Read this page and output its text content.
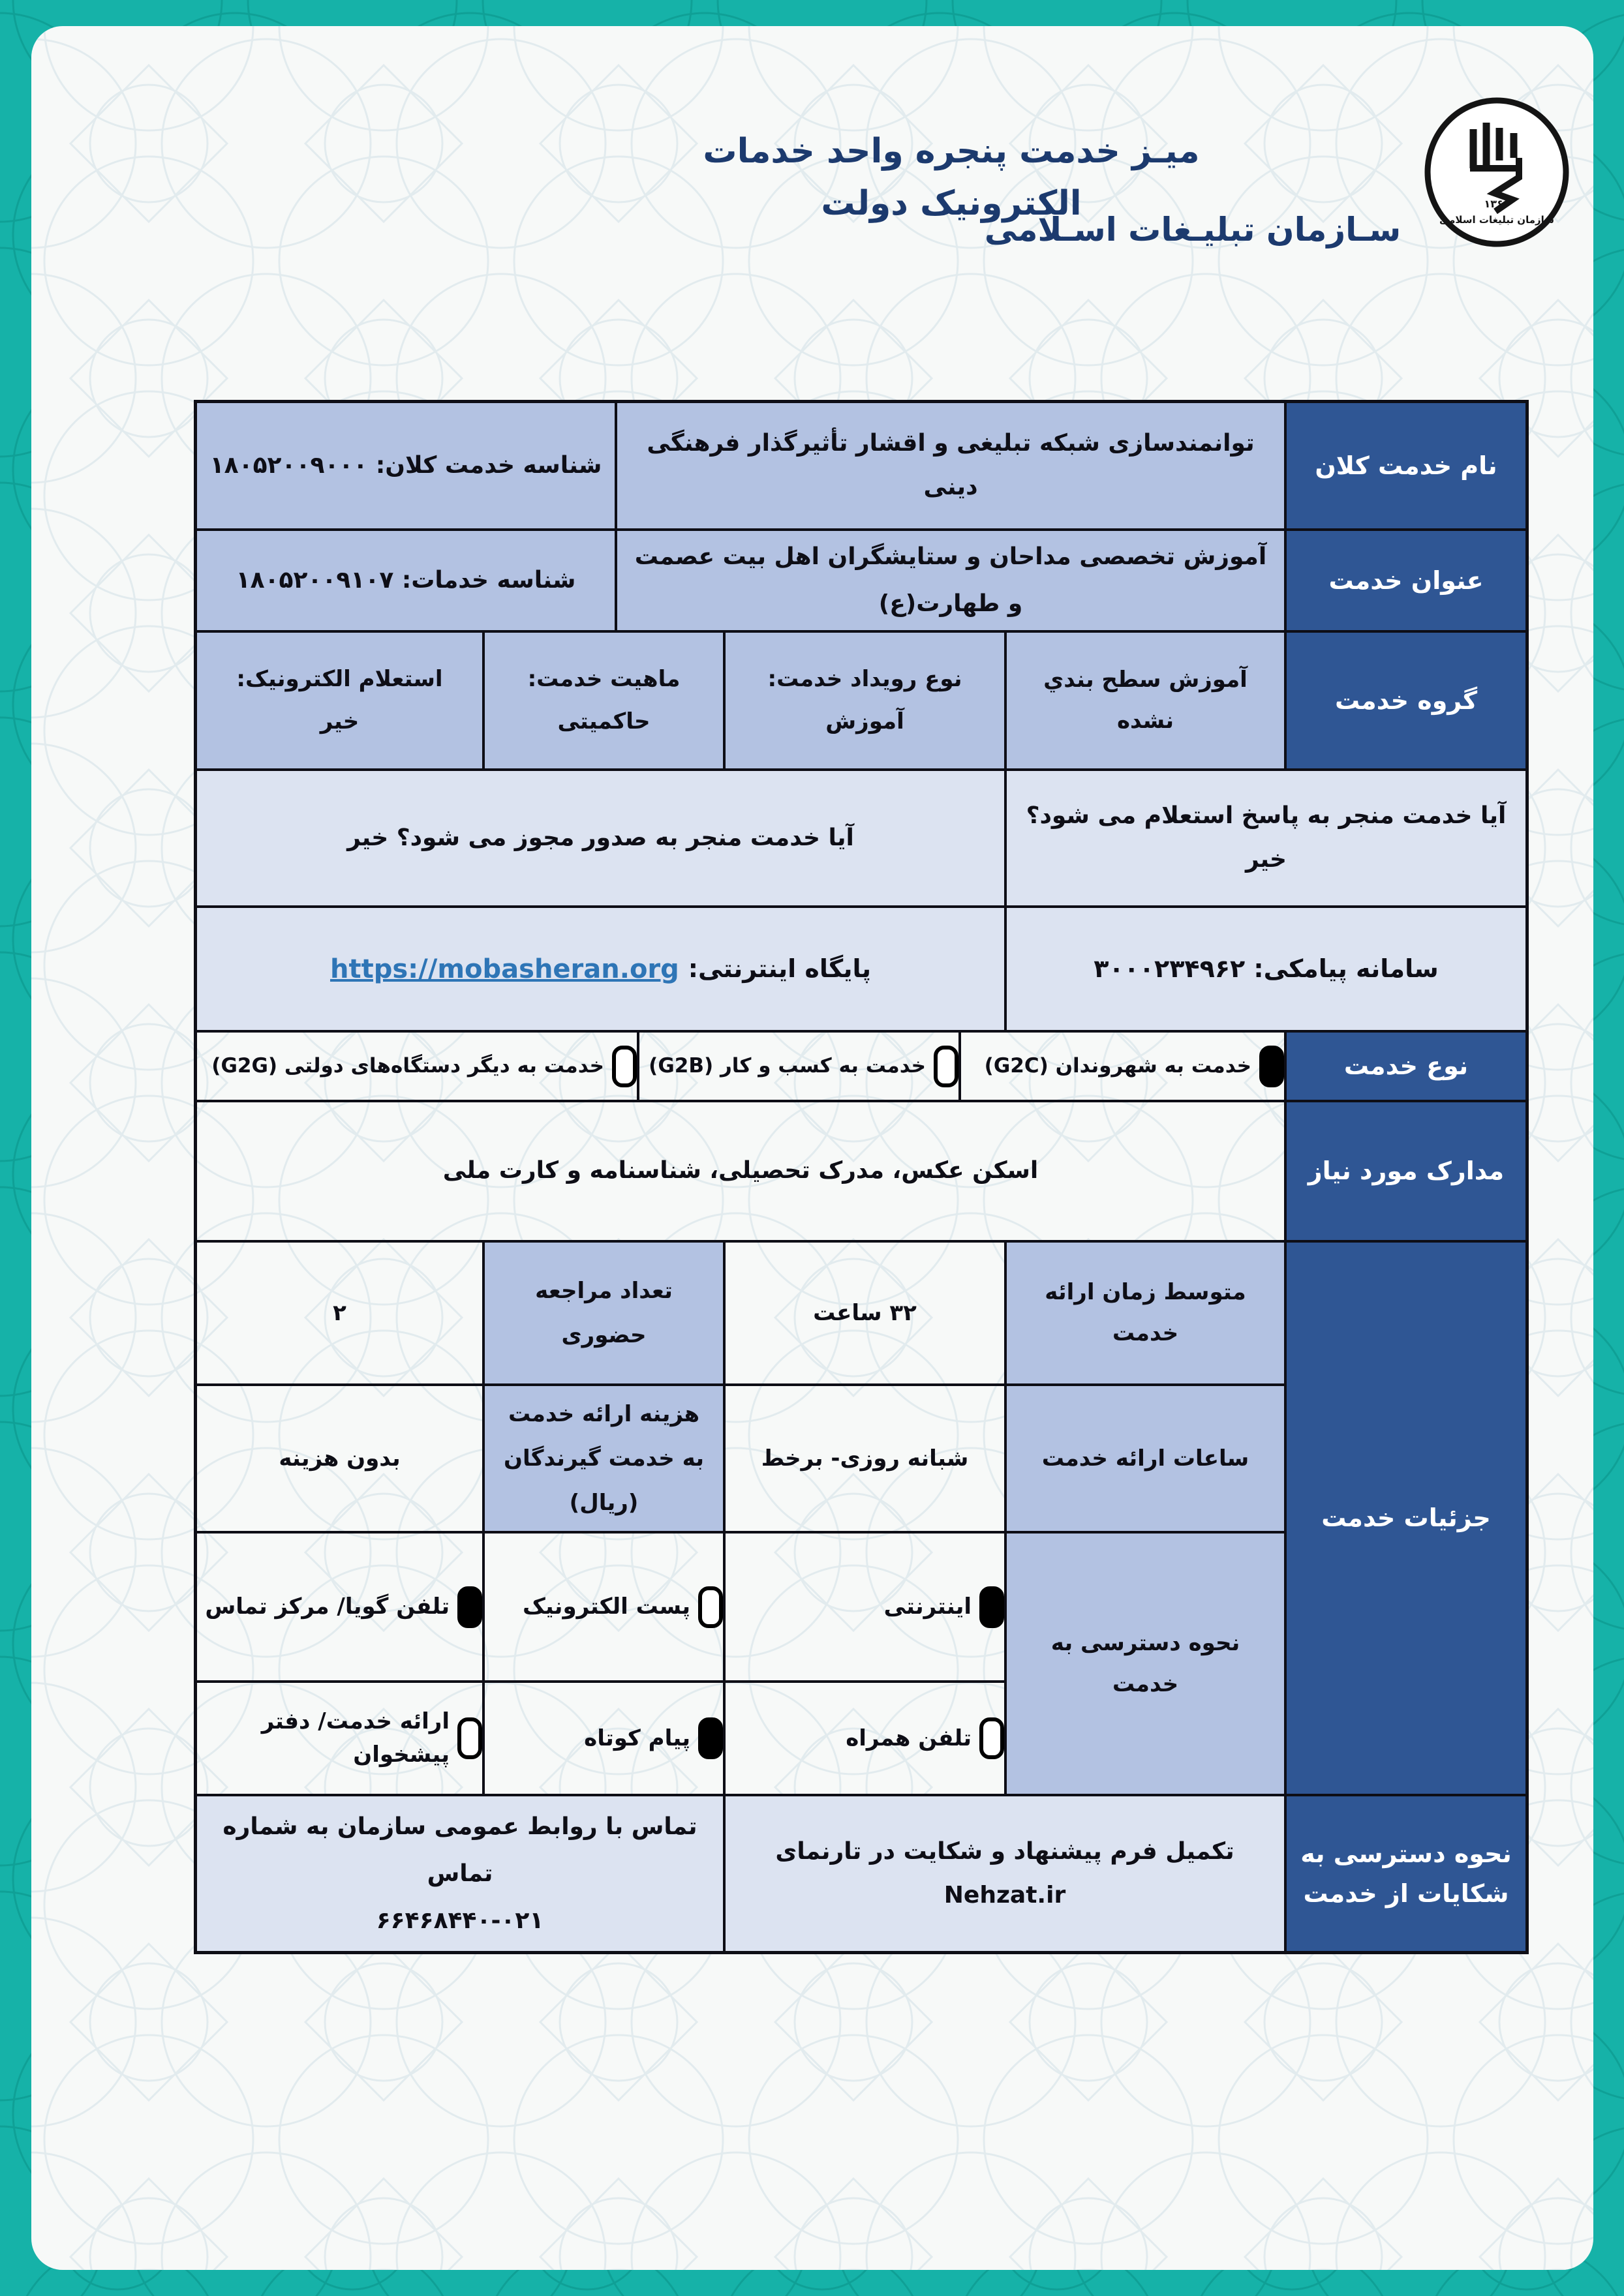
میـز خدمت پنجره واحد خدمات الکترونیک دولت
سـازمان تبلیـغات اسـلامی
۱۳۶۰
سازمان تبلیغات اسلامی
نام خدمت کلان
توانمندسازی شبکه تبلیغی و اقشار تأثیرگذار فرهنگی دینی
شناسه خدمت کلان: ۱۸۰۵۲۰۰۹۰۰۰
عنوان خدمت
آموزش تخصصی مداحان و ستایشگران اهل بیت عصمت و طهارت(ع)
شناسه خدمات: ۱۸۰۵۲۰۰۹۱۰۷
گروه خدمت
آموزش سطح بندي نشده
نوع رویداد خدمت:
آموزش
ماهیت خدمت:
حاکمیتی
استعلام الکترونیک:
خیر
آیا خدمت منجر به پاسخ استعلام می شود؟ خیر
آیا خدمت منجر به صدور مجوز می شود؟ خیر
سامانه پیامکی: ۳۰۰۰۲۳۴۹۶۲
پایگاه اینترنتی:
https://mobasheran.org
نوع خدمت
خدمت به شهروندان (G2C)
خدمت به کسب و کار (G2B)
خدمت به دیگر دستگاه‌های دولتی (G2G)
مدارک مورد نیاز
اسکن عکس، مدرک تحصیلی، شناسنامه و کارت ملی
جزئیات خدمت
متوسط زمان ارائه خدمت
۳۲ ساعت
تعداد مراجعه حضوری
۲
ساعات ارائه خدمت
شبانه روزی- برخط
هزینه ارائه خدمت به خدمت گیرندگان (ریال)
بدون هزینه
نحوه دسترسی به خدمت
اینترنتی
پست الکترونیک
تلفن گویا/ مرکز تماس
تلفن همراه
پیام کوتاه
ارائه خدمت/ دفتر پیشخوان
نحوه دسترسی به شکایات از خدمت
تکمیل فرم پیشنهاد و شکایت در تارنمای Nehzat.ir
تماس با روابط عمومی سازمان به شماره تماس
۶۶۴۶۸۴۴۰-۰۲۱
